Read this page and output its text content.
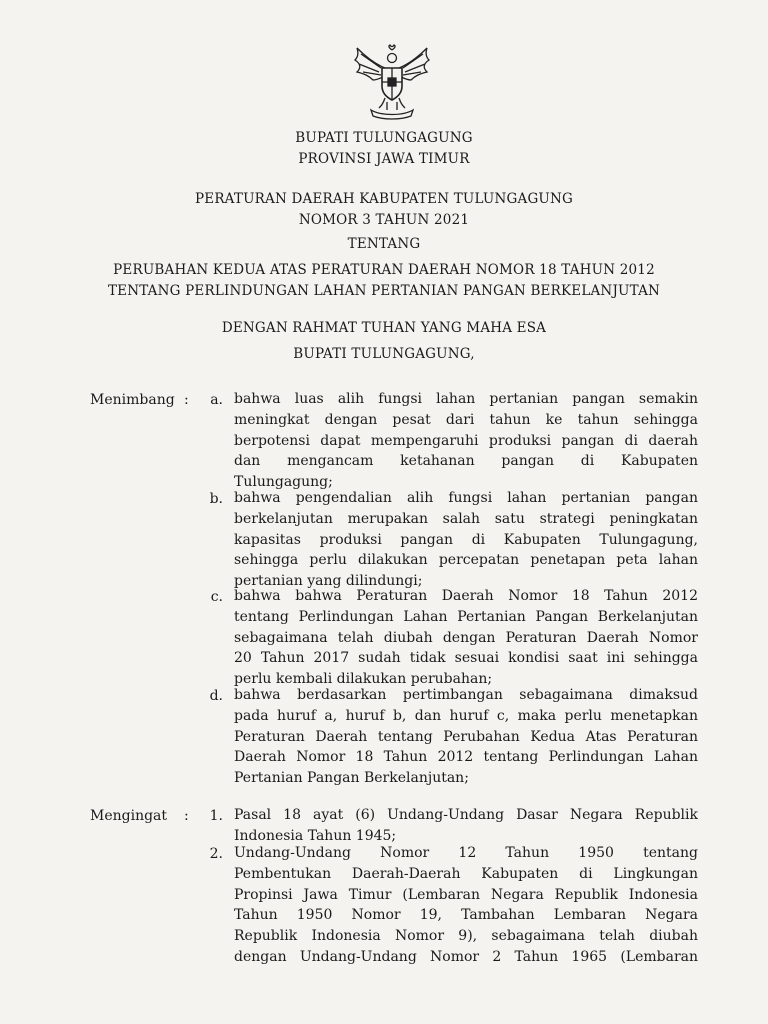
BUPATI TULUNGAGUNG
PROVINSI JAWA TIMUR
PERATURAN DAERAH KABUPATEN TULUNGAGUNG
NOMOR 3 TAHUN 2021
TENTANG
PERUBAHAN KEDUA ATAS PERATURAN DAERAH NOMOR 18 TAHUN 2012
TENTANG PERLINDUNGAN LAHAN PERTANIAN PANGAN BERKELANJUTAN
DENGAN RAHMAT TUHAN YANG MAHA ESA
BUPATI TULUNGAGUNG,
Menimbang :	a. bahwa luas alih fungsi lahan pertanian pangan semakin
meningkat dengan pesat dari tahun ke tahun sehingga
berpotensi dapat mempengaruhi produksi pangan di daerah
dan mengancam ketahanan pangan di Kabupaten
Tulungagung;
b. bahwa pengendalian alih fungsi lahan pertanian pangan
berkelanjutan merupakan salah satu strategi peningkatan
kapasitas produksi pangan di Kabupaten Tulungagung,
sehingga perlu dilakukan percepatan penetapan peta lahan
pertanian yang dilindungi;
c. bahwa bahwa Peraturan Daerah Nomor 18 Tahun 2012
tentang Perlindungan Lahan Pertanian Pangan Berkelanjutan
sebagaimana telah diubah dengan Peraturan Daerah Nomor
20 Tahun 2017 sudah tidak sesuai kondisi saat ini sehingga
perlu kembali dilakukan perubahan;
d. bahwa berdasarkan pertimbangan sebagaimana dimaksud
pada huruf a, huruf b, dan huruf c, maka perlu menetapkan
Peraturan Daerah tentang Perubahan Kedua Atas Peraturan
Daerah Nomor 18 Tahun 2012 tentang Perlindungan Lahan
Pertanian Pangan Berkelanjutan;
Mengingat :	1. Pasal 18 ayat (6) Undang-Undang Dasar Negara Republik
Indonesia Tahun 1945;
2. Undang-Undang Nomor 12 Tahun 1950 tentang
Pembentukan Daerah-Daerah Kabupaten di Lingkungan
Propinsi Jawa Timur (Lembaran Negara Republik Indonesia
Tahun 1950 Nomor 19, Tambahan Lembaran Negara
Republik Indonesia Nomor 9), sebagaimana telah diubah
dengan Undang-Undang Nomor 2 Tahun 1965 (Lembaran
